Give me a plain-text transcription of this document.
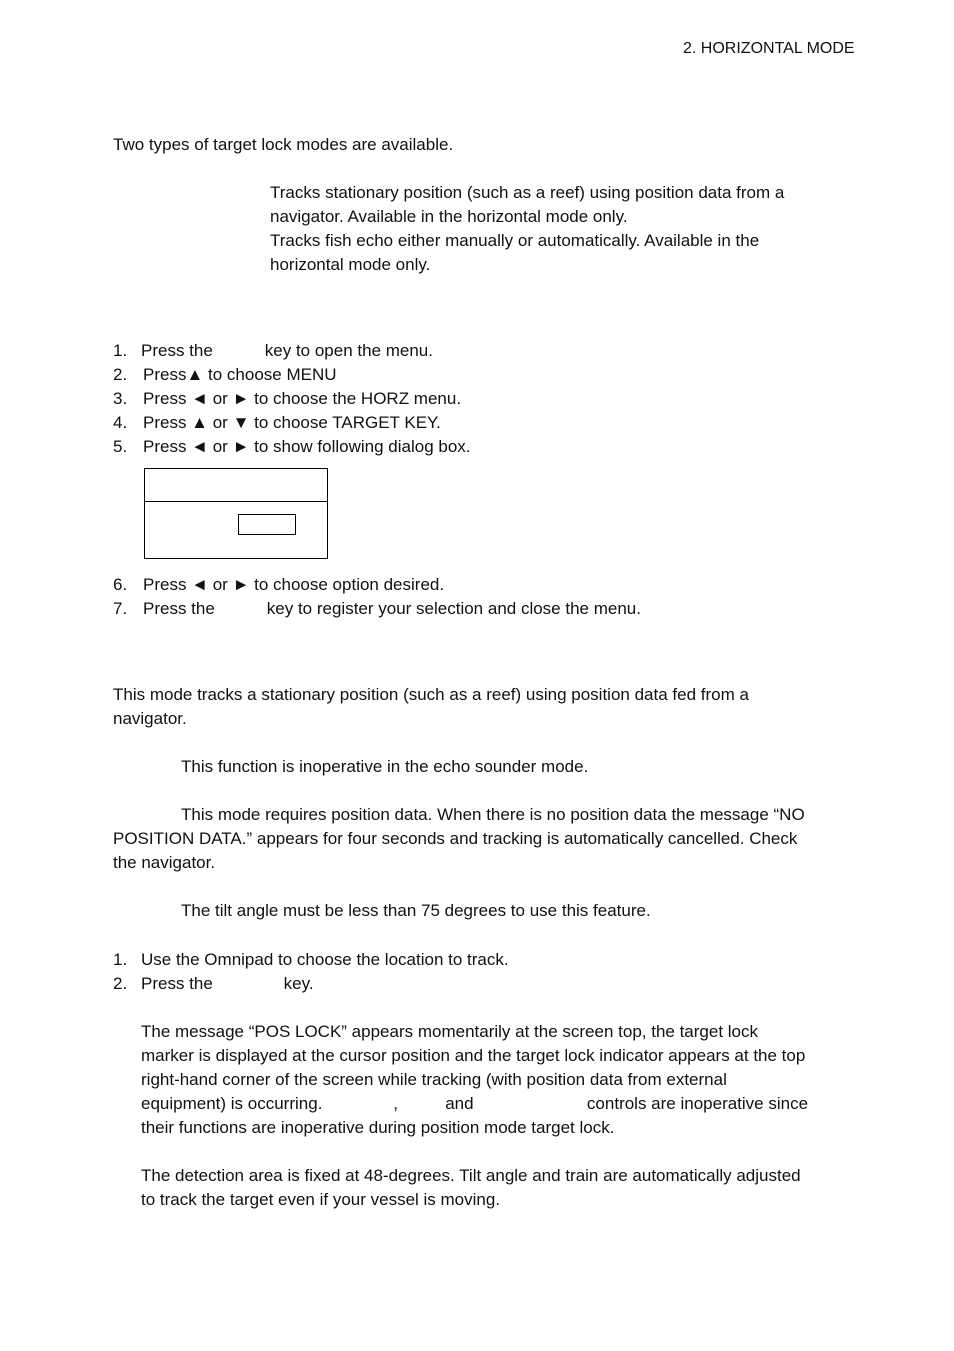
2. HORIZONTAL MODE
Two types of target lock modes are available.
Tracks stationary position (such as a reef) using position data from a
navigator. Available in the horizontal mode only.
Tracks fish echo either manually or automatically. Available in the
horizontal mode only.
1. Press the           key to open the menu.
2. Press▲ to choose MENU
3. Press ◄ or ► to choose the HORZ menu.
4. Press ▲ or ▼ to choose TARGET KEY.
5. Press ◄ or ► to show following dialog box.
6. Press ◄ or ► to choose option desired.
7. Press the           key to register your selection and close the menu.
This mode tracks a stationary position (such as a reef) using position data fed from a
navigator.
This function is inoperative in the echo sounder mode.
This mode requires position data. When there is no position data the message “NO
POSITION DATA.” appears for four seconds and tracking is automatically cancelled. Check
the navigator.
The tilt angle must be less than 75 degrees to use this feature.
1. Use the Omnipad to choose the location to track.
2. Press the               key.
The message “POS LOCK” appears momentarily at the screen top, the target lock
marker is displayed at the cursor position and the target lock indicator appears at the top
right-hand corner of the screen while tracking (with position data from external
equipment) is occurring.               ,          and                        controls are inoperative since
their functions are inoperative during position mode target lock.
The detection area is fixed at 48-degrees. Tilt angle and train are automatically adjusted
to track the target even if your vessel is moving.
